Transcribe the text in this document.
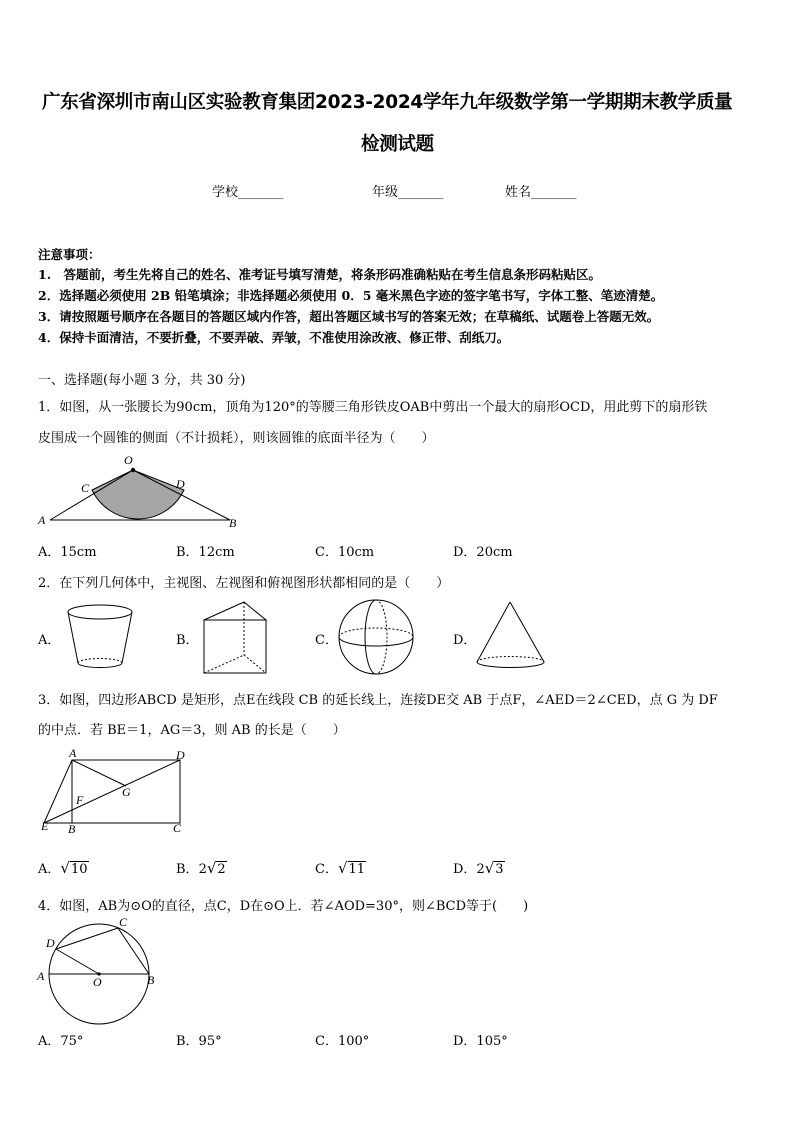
广东省深圳市南山区实验教育集团2023-2024学年九年级数学第一学期期末教学质量
检测试题
学校_______	年级_______	姓名_______
注意事项：
1.　答题前，考生先将自己的姓名、准考证号填写清楚，将条形码准确粘贴在考生信息条形码粘贴区。
2．选择题必须使用 2B 铅笔填涂；非选择题必须使用 0．5 毫米黑色字迹的签字笔书写，字体工整、笔迹清楚。
3．请按照题号顺序在各题目的答题区域内作答，超出答题区域书写的答案无效；在草稿纸、试题卷上答题无效。
4．保持卡面清洁，不要折叠，不要弄破、弄皱，不准使用涂改液、修正带、刮纸刀。
一、选择题(每小题 3 分，共 30 分)
1．如图，从一张腰长为90cm，顶角为120°的等腰三角形铁皮OAB中剪出一个最大的扇形OCD，用此剪下的扇形铁
皮围成一个圆锥的侧面（不计损耗），则该圆锥的底面半径为（　　）
O
C	D
A	B
A．15cm	B．12cm	C．10cm	D．20cm
2．在下列几何体中，主视图、左视图和俯视图形状都相同的是（　　）
A．	B．	C．	D．
3．如图，四边形ABCD 是矩形，点E在线段 CB 的延长线上，连接DE交 AB 于点F，∠AED＝2∠CED，点 G 为 DF
的中点．若 BE＝1，AG＝3，则 AB 的长是（　　）
A	D
F
G
E B	C
A．√10	B．2√2	C．√11	D．2√3
4．如图，AB为⊙O的直径，点C，D在⊙O上．若∠AOD=30°，则∠BCD等于(　　)
C
D
A	O	B
A．75°	B．95°	C．100°	D．105°
